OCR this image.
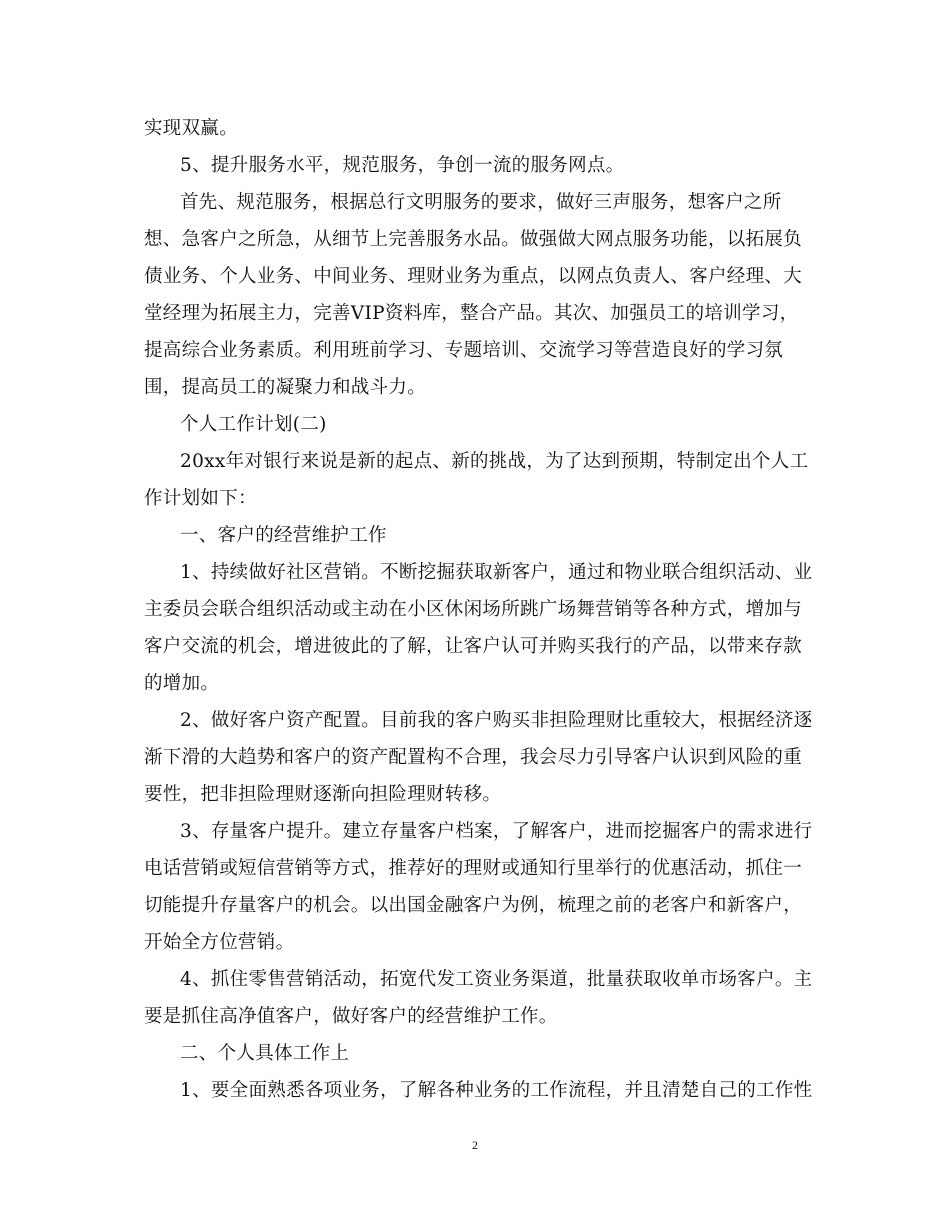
实现双赢。
5、提升服务水平，规范服务，争创一流的服务网点。
首先、规范服务，根据总行文明服务的要求，做好三声服务，想客户之所
想、急客户之所急，从细节上完善服务水品。做强做大网点服务功能，以拓展负
债业务、个人业务、中间业务、理财业务为重点，以网点负责人、客户经理、大
堂经理为拓展主力，完善VIP资料库，整合产品。其次、加强员工的培训学习，
提高综合业务素质。利用班前学习、专题培训、交流学习等营造良好的学习氛
围，提高员工的凝聚力和战斗力。
个人工作计划(二)
20xx年对银行来说是新的起点、新的挑战，为了达到预期，特制定出个人工
作计划如下：
一、客户的经营维护工作
1、持续做好社区营销。不断挖掘获取新客户，通过和物业联合组织活动、业
主委员会联合组织活动或主动在小区休闲场所跳广场舞营销等各种方式，增加与
客户交流的机会，增进彼此的了解，让客户认可并购买我行的产品，以带来存款
的增加。
2、做好客户资产配置。目前我的客户购买非担险理财比重较大，根据经济逐
渐下滑的大趋势和客户的资产配置构不合理，我会尽力引导客户认识到风险的重
要性，把非担险理财逐渐向担险理财转移。
3、存量客户提升。建立存量客户档案，了解客户，进而挖掘客户的需求进行
电话营销或短信营销等方式，推荐好的理财或通知行里举行的优惠活动，抓住一
切能提升存量客户的机会。以出国金融客户为例，梳理之前的老客户和新客户，
开始全方位营销。
4、抓住零售营销活动，拓宽代发工资业务渠道，批量获取收单市场客户。主
要是抓住高净值客户，做好客户的经营维护工作。
二、个人具体工作上
1、要全面熟悉各项业务，了解各种业务的工作流程，并且清楚自己的工作性
2
